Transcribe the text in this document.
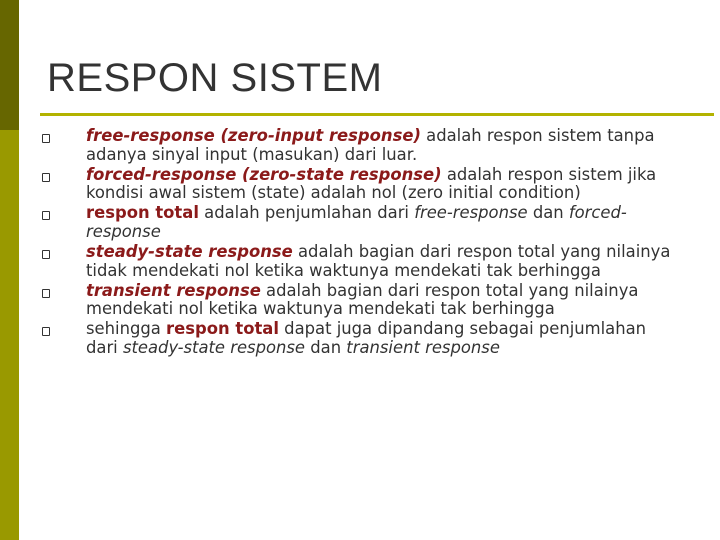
RESPON SISTEM
free-response (zero-input response) adalah respon sistem tanpa adanya sinyal input (masukan) dari luar.
forced-response (zero-state response) adalah respon sistem jika kondisi awal sistem (state) adalah nol (zero initial condition)
respon total adalah penjumlahan dari free-response dan forced-response
steady-state response adalah bagian dari respon total yang nilainya tidak mendekati nol ketika waktunya mendekati tak berhingga
transient response adalah bagian dari respon total yang nilainya mendekati nol ketika waktunya mendekati tak berhingga
sehingga respon total dapat juga dipandang sebagai penjumlahan dari steady-state response dan transient response
